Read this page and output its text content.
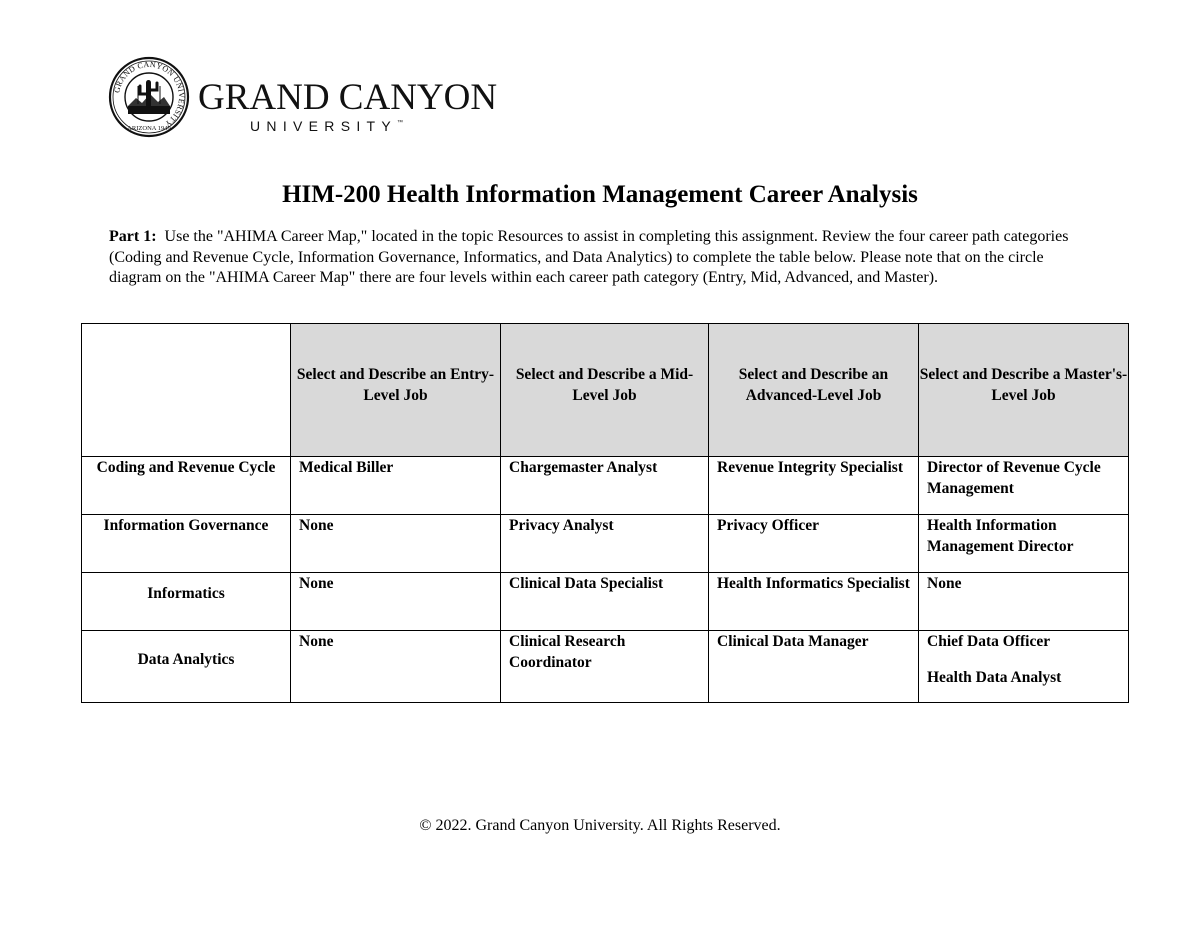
GRAND CANYON UNIVERSITY
ARIZONA 1949
GRAND CANYON
UNIVERSITY™
HIM-200 Health Information Management Career Analysis
Part 1: Use the "AHIMA Career Map," located in the topic Resources to assist in completing this assignment. Review the four career path categories (Coding and Revenue Cycle, Information Governance, Informatics, and Data Analytics) to complete the table below. Please note that on the circle diagram on the "AHIMA Career Map" there are four levels within each career path category (Entry, Mid, Advanced, and Master).
	Select and Describe an Entry-Level Job	Select and Describe a Mid-Level Job	Select and Describe an Advanced-Level Job	Select and Describe a Master's-Level Job

Coding and Revenue Cycle	Medical Biller	Chargemaster Analyst	Revenue Integrity Specialist	Director of Revenue Cycle Management

Information Governance	None	Privacy Analyst	Privacy Officer	Health Information Management Director

Informatics	None	Clinical Data Specialist	Health Informatics Specialist	None

Data Analytics	None	Clinical Research Coordinator	Clinical Data Manager	Chief Data Officer
Health Data Analyst
© 2022. Grand Canyon University. All Rights Reserved.
